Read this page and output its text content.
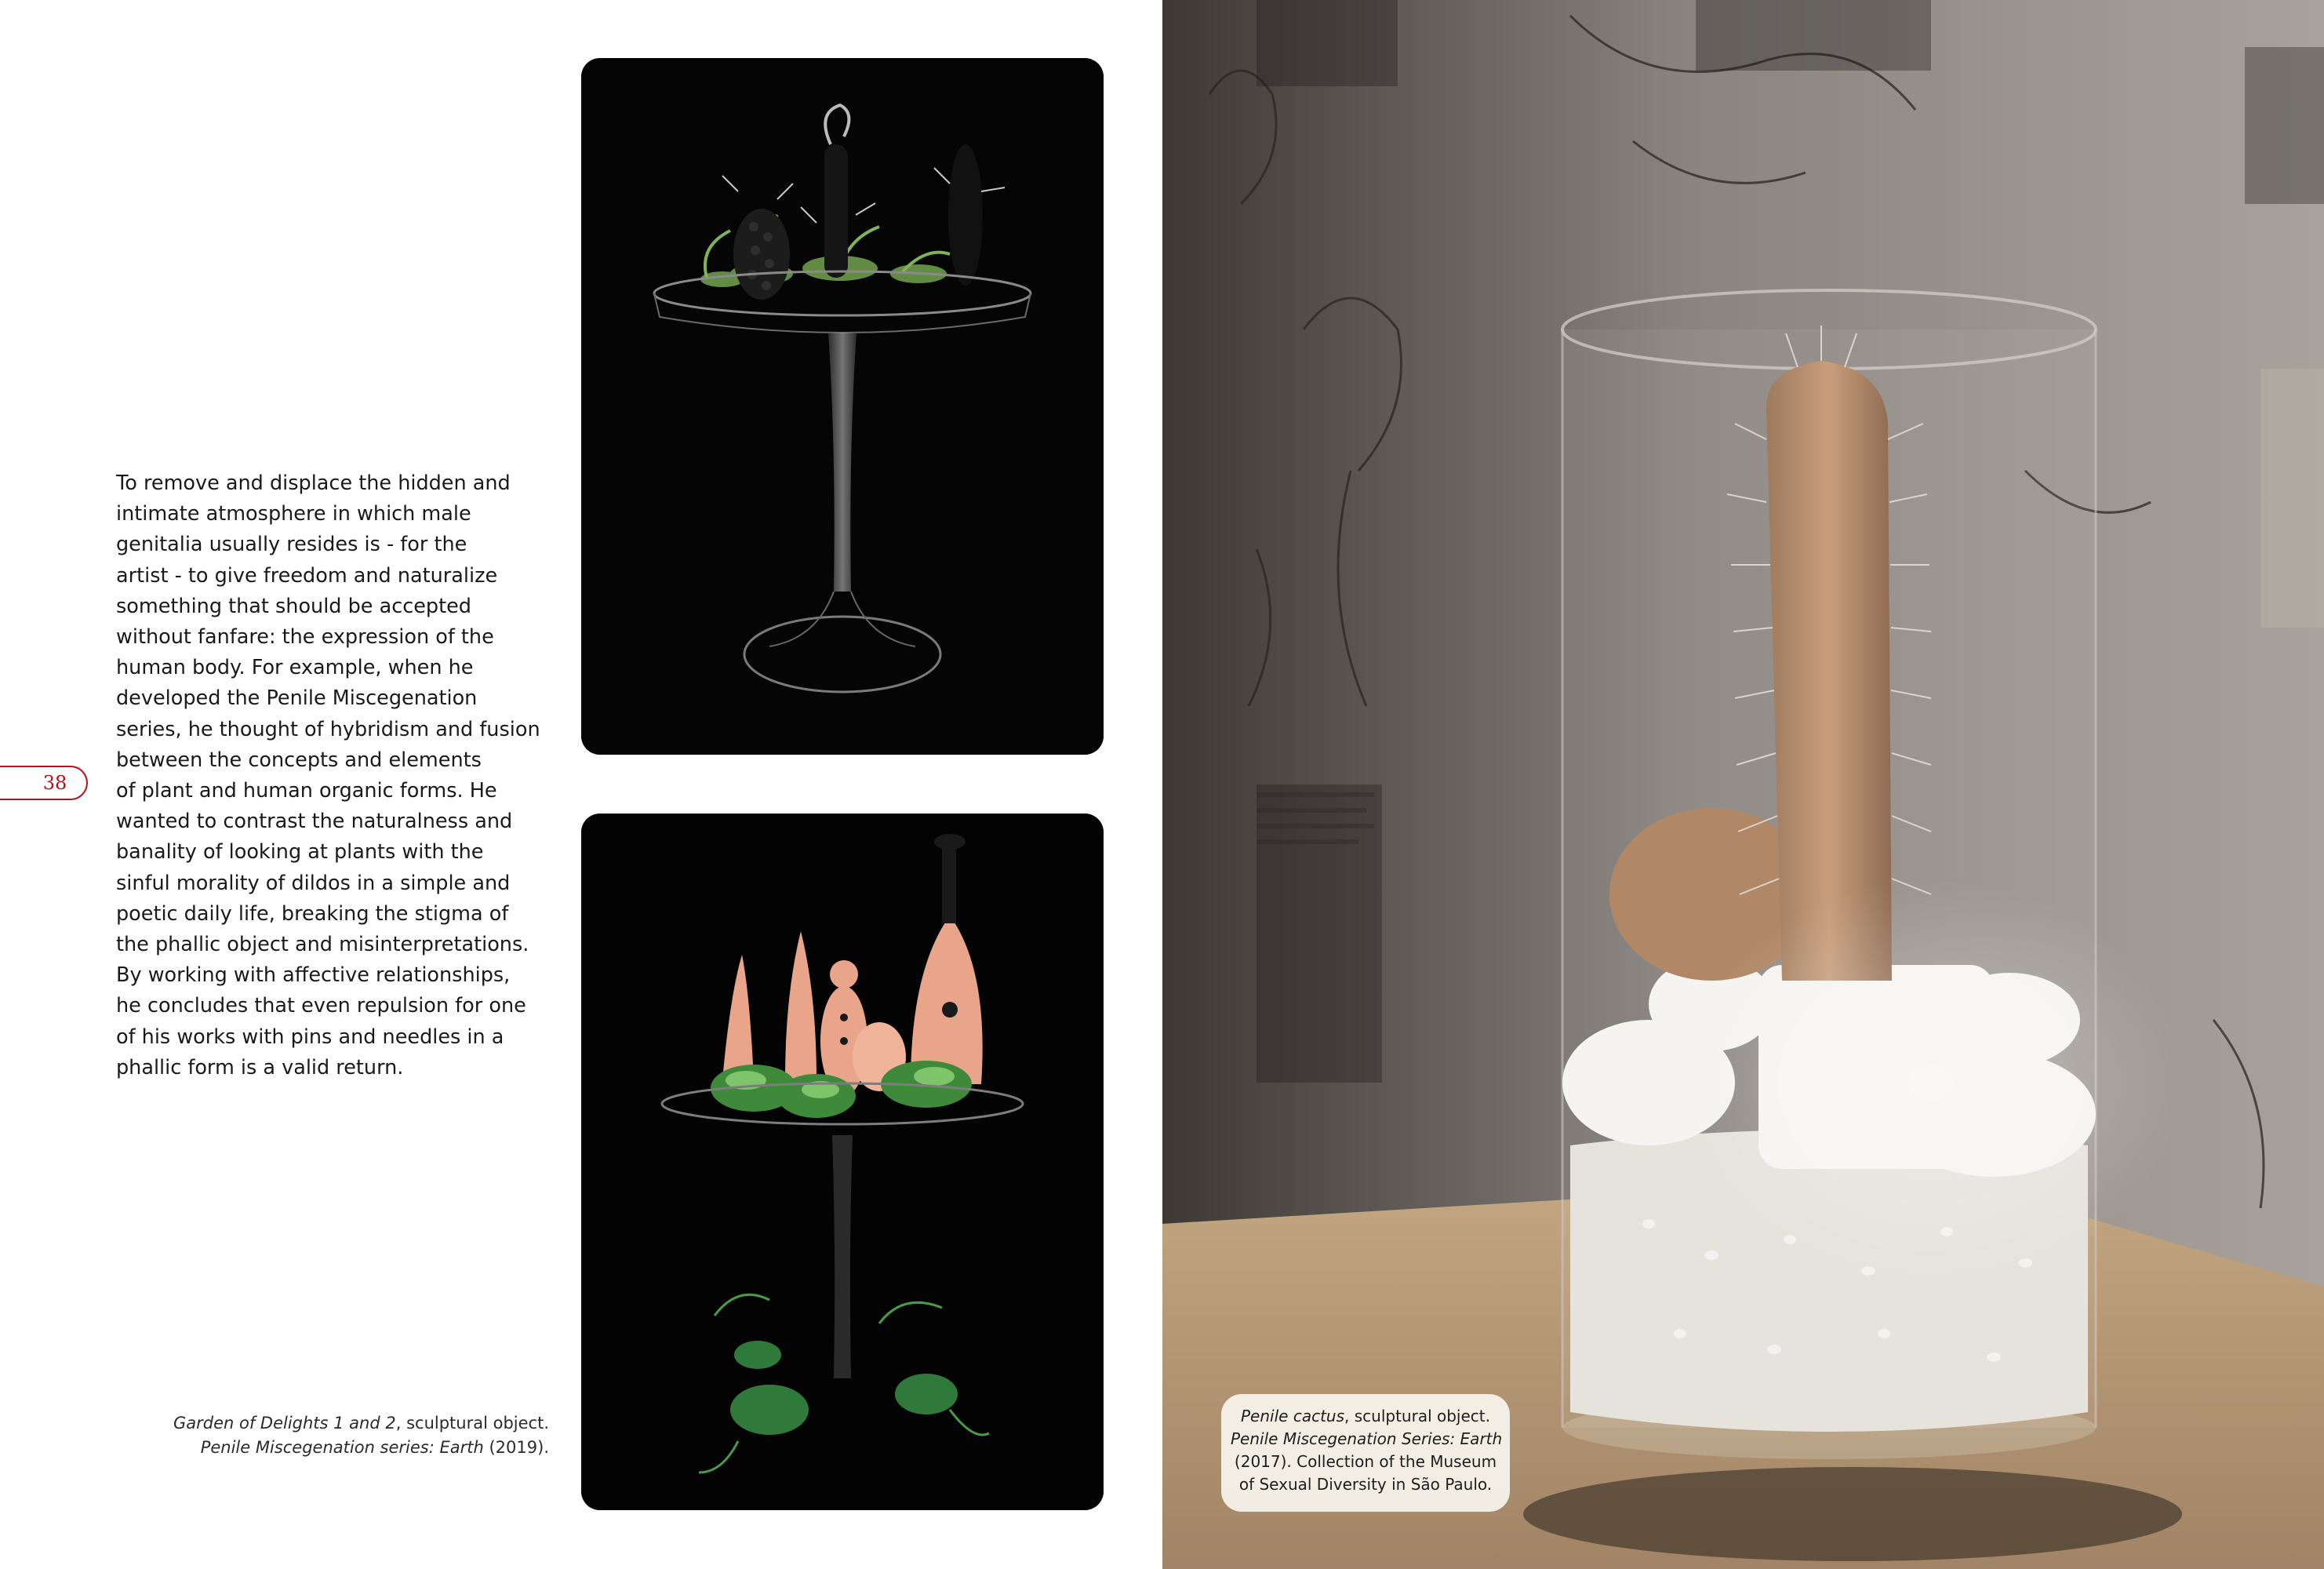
To remove and displace the hidden and
intimate atmosphere in which male
genitalia usually resides is - for the
artist - to give freedom and naturalize
something that should be accepted
without fanfare: the expression of the
human body. For example, when he
developed the Penile Miscegenation
series, he thought of hybridism and fusion
between the concepts and elements
of plant and human organic forms. He
wanted to contrast the naturalness and
banality of looking at plants with the
sinful morality of dildos in a simple and
poetic daily life, breaking the stigma of
the phallic object and misinterpretations.
By working with affective relationships,
he concludes that even repulsion for one
of his works with pins and needles in a
phallic form is a valid return.
38
Garden of Delights 1 and 2, sculptural object.
Penile Miscegenation series: Earth (2019).
Penile cactus, sculptural object.
Penile Miscegenation Series: Earth
(2017). Collection of the Museum
of Sexual Diversity in São Paulo.
